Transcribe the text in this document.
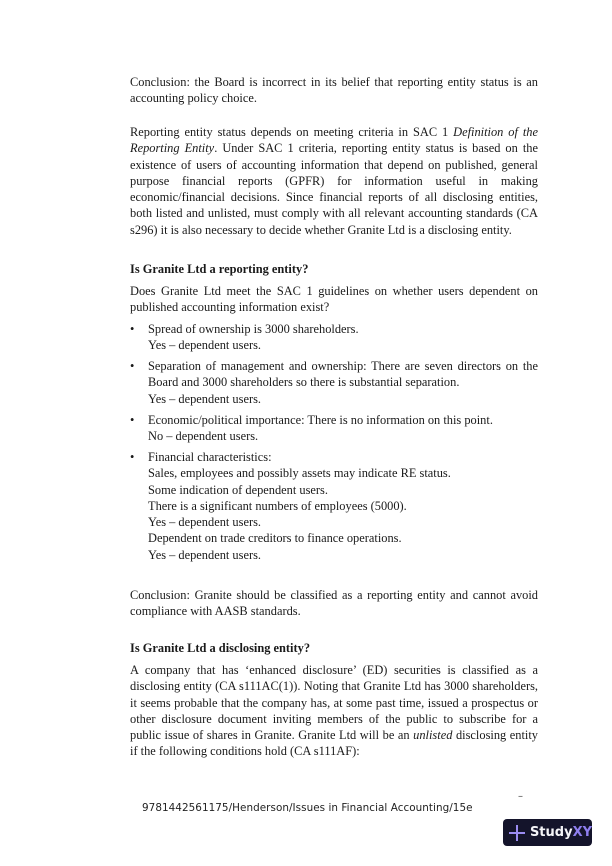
Conclusion: the Board is incorrect in its belief that reporting entity status is an accounting policy choice.

Reporting entity status depends on meeting criteria in SAC 1 Definition of the Reporting Entity. Under SAC 1 criteria, reporting entity status is based on the existence of users of accounting information that depend on published, general purpose financial reports (GPFR) for information useful in making economic/financial decisions. Since financial reports of all disclosing entities, both listed and unlisted, must comply with all relevant accounting standards (CA s296) it is also necessary to decide whether Granite Ltd is a disclosing entity.

Is Granite Ltd a reporting entity?

Does Granite Ltd meet the SAC 1 guidelines on whether users dependent on published accounting information exist?

•	Spread of ownership is 3000 shareholders.
Yes – dependent users.
•	Separation of management and ownership: There are seven directors on the Board and 3000 shareholders so there is substantial separation.
Yes – dependent users.
•	Economic/political importance: There is no information on this point.
No – dependent users.
•	Financial characteristics:
Sales, employees and possibly assets may indicate RE status.
Some indication of dependent users.
There is a significant numbers of employees (5000).
Yes – dependent users.
Dependent on trade creditors to finance operations.
Yes – dependent users.

Conclusion: Granite should be classified as a reporting entity and cannot avoid compliance with AASB standards.

Is Granite Ltd a disclosing entity?

A company that has ‘enhanced disclosure’ (ED) securities is classified as a disclosing entity (CA s111AC(1)). Noting that Granite Ltd has 3000 shareholders, it seems probable that the company has, at some past time, issued a prospectus or other disclosure document inviting members of the public to subscribe for a public issue of shares in Granite. Granite Ltd will be an unlisted disclosing entity if the following conditions hold (CA s111AF):

–
9781442561175/Henderson/Issues in Financial Accounting/15e
Study XY
